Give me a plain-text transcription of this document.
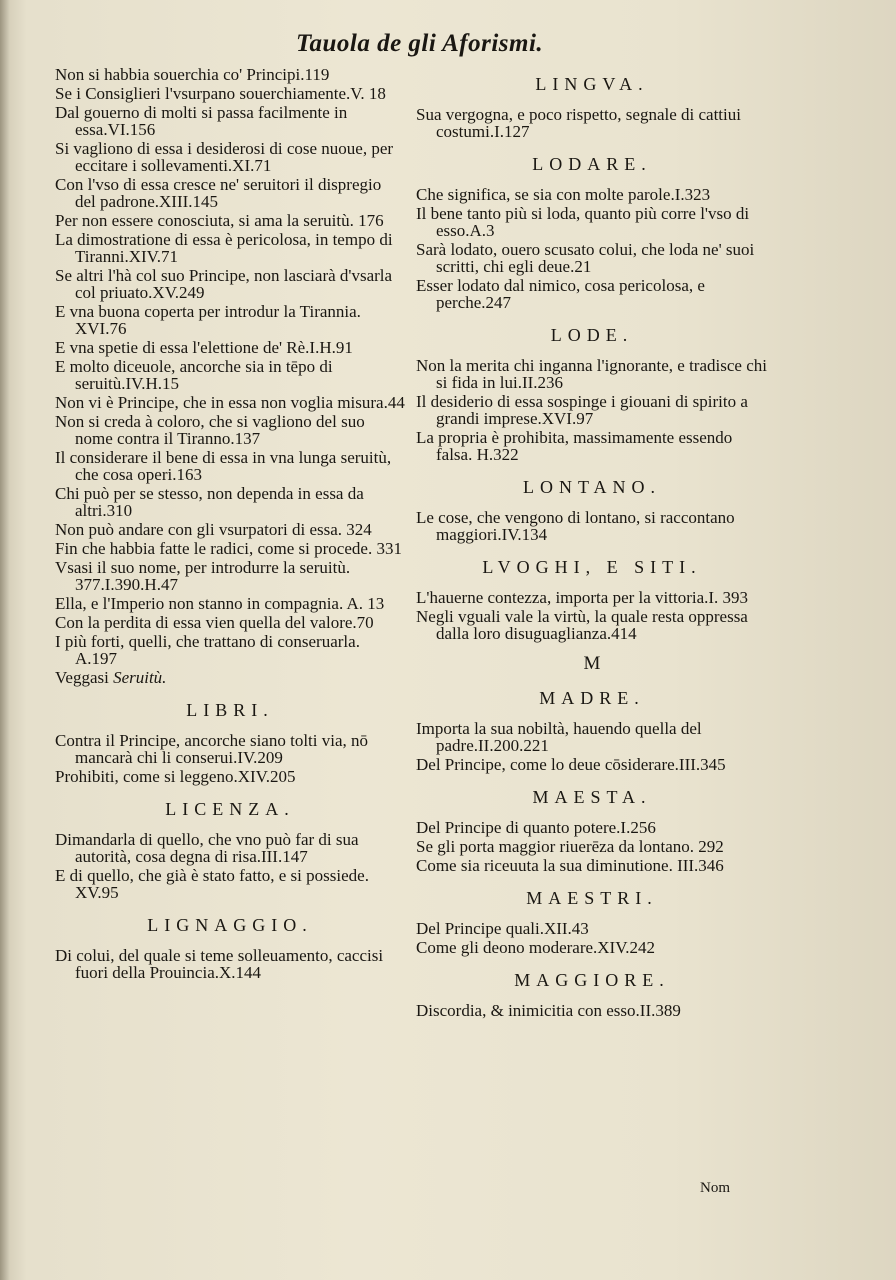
Tauola de gli Aforismi.
Non si habbia souerchia co' Principi.119
Se i Consiglieri l'vsurpano souerchiamente.V. 18
Dal gouerno di molti si passa facilmente in essa.VI.156
Si vagliono di essa i desiderosi di cose nuoue, per eccitare i sollevamenti.XI.71
Con l'vso di essa cresce ne' seruitori il dispregio del padrone.XIII.145
Per non essere conosciuta, si ama la seruitù. 176
La dimostratione di essa è pericolosa, in tempo di Tiranni.XIV.71
Se altri l'hà col suo Principe, non lasciarà d'vsarla col priuato.XV.249
E vna buona coperta per introdur la Tirannia. XVI.76
E vna spetie di essa l'elettione de' Rè.I.H.91
E molto diceuole, ancorche sia in tēpo di seruitù.IV.H.15
Non vi è Principe, che in essa non voglia misura.44
Non si creda à coloro, che si vagliono del suo nome contra il Tiranno.137
Il considerare il bene di essa in vna lunga seruitù, che cosa operi.163
Chi può per se stesso, non dependa in essa da altri.310
Non può andare con gli vsurpatori di essa. 324
Fin che habbia fatte le radici, come si procede. 331
Vsasi il suo nome, per introdurre la seruitù. 377.I.390.H.47
Ella, e l'Imperio non stanno in compagnia. A. 13
Con la perdita di essa vien quella del valore.70
I più forti, quelli, che trattano di conseruarla. A.197
Veggasi Seruitù.
LIBRI.
Contra il Principe, ancorche siano tolti via, nō mancarà chi li conserui.IV.209
Prohibiti, come si leggeno.XIV.205
LICENZA.
Dimandarla di quello, che vno può far di sua autorità, cosa degna di risa.III.147
E di quello, che già è stato fatto, e si possiede. XV.95
LIGNAGGIO.
Di colui, del quale si teme solleuamento, caccisi fuori della Prouincia.X.144
LINGVA.
Sua vergogna, e poco rispetto, segnale di cattiui costumi.I.127
LODARE.
Che significa, se sia con molte parole.I.323
Il bene tanto più si loda, quanto più corre l'vso di esso.A.3
Sarà lodato, ouero scusato colui, che loda ne' suoi scritti, chi egli deue.21
Esser lodato dal nimico, cosa pericolosa, e perche.247
LODE.
Non la merita chi inganna l'ignorante, e tradisce chi si fida in lui.II.236
Il desiderio di essa sospinge i giouani di spirito a grandi imprese.XVI.97
La propria è prohibita, massimamente essendo falsa. H.322
LONTANO.
Le cose, che vengono di lontano, si raccontano maggiori.IV.134
LVOGHI, E SITI.
L'hauerne contezza, importa per la vittoria.I. 393
Negli vguali vale la virtù, la quale resta oppressa dalla loro disuguaglianza.414
M
MADRE.
Importa la sua nobiltà, hauendo quella del padre.II.200.221
Del Principe, come lo deue cōsiderare.III.345
MAESTA.
Del Principe di quanto potere.I.256
Se gli porta maggior riuerēza da lontano. 292
Come sia riceuuta la sua diminutione. III.346
MAESTRI.
Del Principe quali.XII.43
Come gli deono moderare.XIV.242
MAGGIORE.
Discordia, & inimicitia con esso.II.389
Nom
